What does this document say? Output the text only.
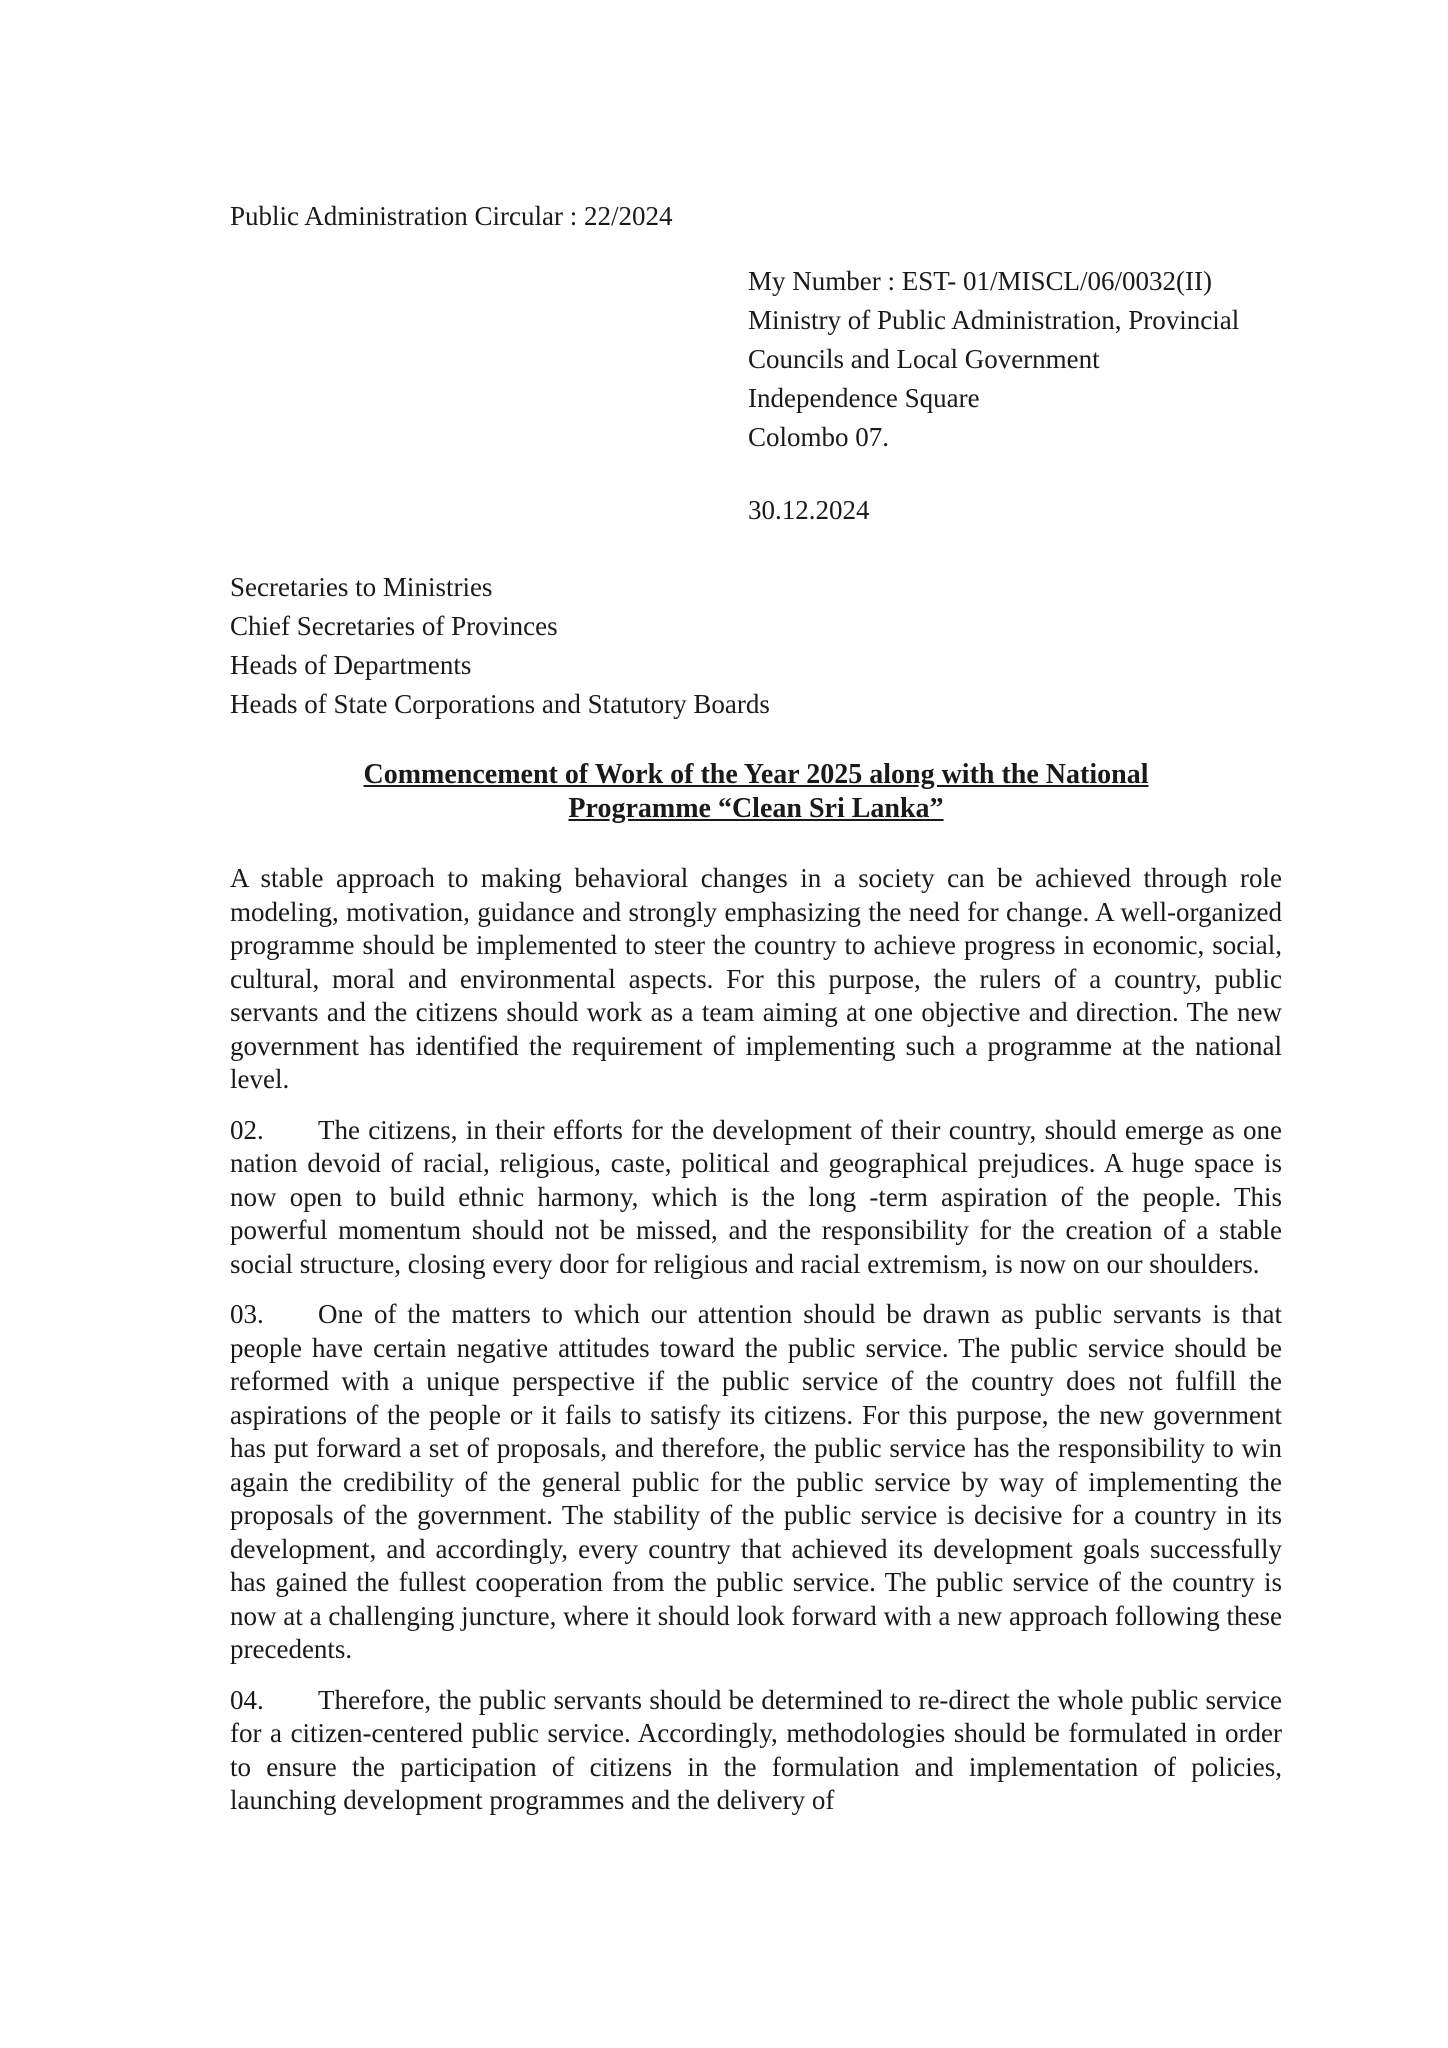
Public Administration Circular : 22/2024
My Number : EST- 01/MISCL/06/0032(II)
Ministry of Public Administration, Provincial
Councils and Local Government
Independence Square
Colombo 07.
30.12.2024
Secretaries to Ministries
Chief Secretaries of Provinces
Heads of Departments
Heads of State Corporations and Statutory Boards
Commencement of Work of the Year 2025 along with the National
Programme “Clean Sri Lanka”

A stable approach to making behavioral changes in a society can be achieved through role modeling, motivation, guidance and strongly emphasizing the need for change. A well-organized programme should be implemented to steer the country to achieve progress in economic, social, cultural, moral and environmental aspects. For this purpose, the rulers of a country, public servants and the citizens should work as a team aiming at one objective and direction. The new government has identified the requirement of implementing such a programme at the national level.

02. The citizens, in their efforts for the development of their country, should emerge as one nation devoid of racial, religious, caste, political and geographical prejudices. A huge space is now open to build ethnic harmony, which is the long -term aspiration of the people. This powerful momentum should not be missed, and the responsibility for the creation of a stable social structure, closing every door for religious and racial extremism, is now on our shoulders.

03. One of the matters to which our attention should be drawn as public servants is that people have certain negative attitudes toward the public service. The public service should be reformed with a unique perspective if the public service of the country does not fulfill the aspirations of the people or it fails to satisfy its citizens. For this purpose, the new government has put forward a set of proposals, and therefore, the public service has the responsibility to win again the credibility of the general public for the public service by way of implementing the proposals of the government. The stability of the public service is decisive for a country in its development, and accordingly, every country that achieved its development goals successfully has gained the fullest cooperation from the public service. The public service of the country is now at a challenging juncture, where it should look forward with a new approach following these precedents.

04. Therefore, the public servants should be determined to re-direct the whole public service for a citizen-centered public service. Accordingly, methodologies should be formulated in order to ensure the participation of citizens in the formulation and implementation of policies, launching development programmes and the delivery of
